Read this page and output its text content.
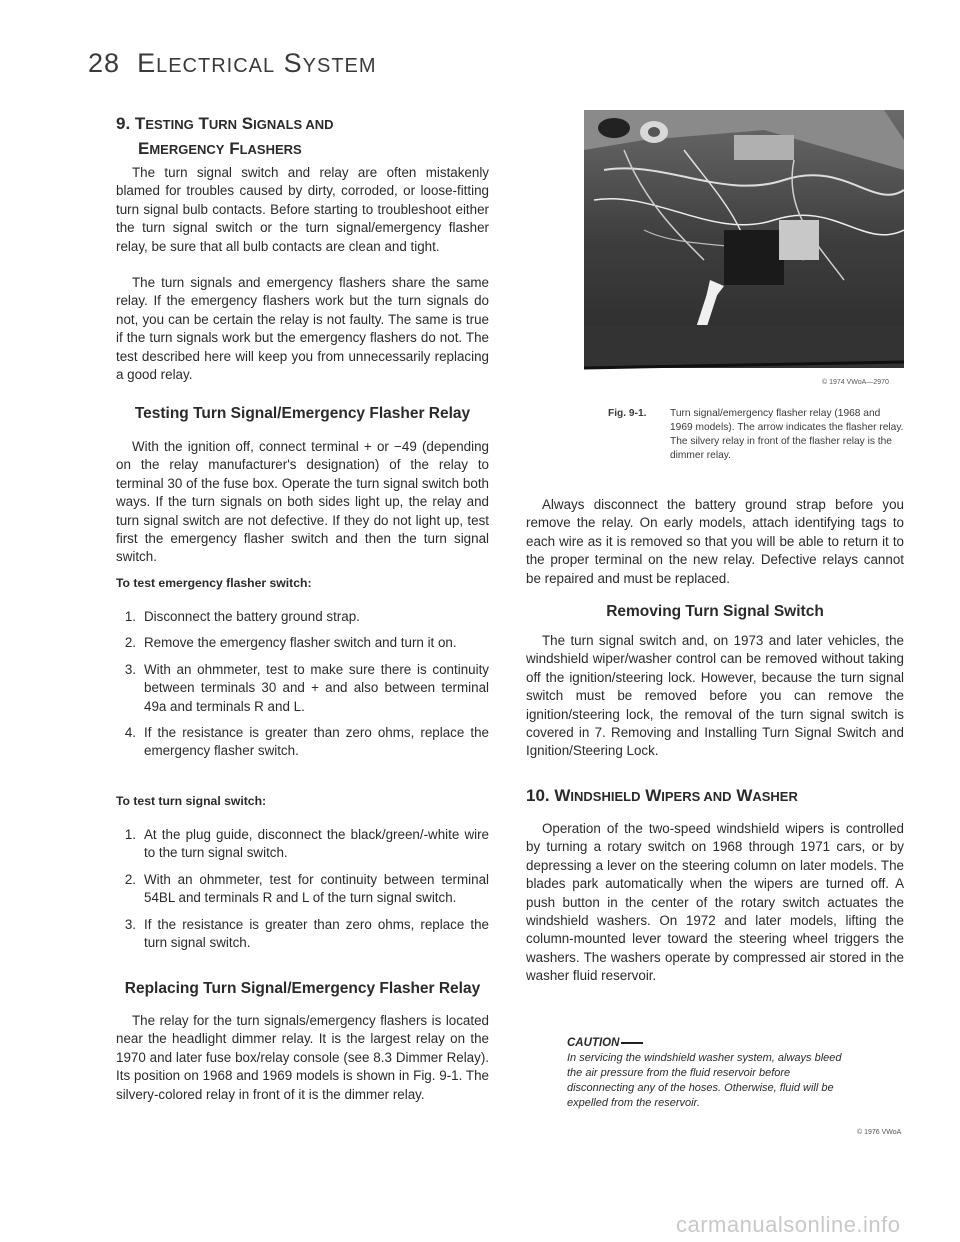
28 ELECTRICAL SYSTEM
9. TESTING TURN SIGNALS AND
EMERGENCY FLASHERS

The turn signal switch and relay are often mistakenly blamed for troubles caused by dirty, corroded, or loose-fitting turn signal bulb contacts. Before starting to troubleshoot either the turn signal switch or the turn signal/emergency flasher relay, be sure that all bulb contacts are clean and tight.

The turn signals and emergency flashers share the same relay. If the emergency flashers work but the turn signals do not, you can be certain the relay is not faulty. The same is true if the turn signals work but the emergency flashers do not. The test described here will keep you from unnecessarily replacing a good relay.

Testing Turn Signal/Emergency Flasher Relay

With the ignition off, connect terminal + or −49 (depending on the relay manufacturer's designation) of the relay to terminal 30 of the fuse box. Operate the turn signal switch both ways. If the turn signals on both sides light up, the relay and turn signal switch are not defective. If they do not light up, test first the emergency flasher switch and then the turn signal switch.

To test emergency flasher switch:
1. Disconnect the battery ground strap.
2. Remove the emergency flasher switch and turn it on.
3. With an ohmmeter, test to make sure there is continuity between terminals 30 and + and also between terminal 49a and terminals R and L.
4. If the resistance is greater than zero ohms, replace the emergency flasher switch.
To test turn signal switch:
1. At the plug guide, disconnect the black/green/-white wire to the turn signal switch.
2. With an ohmmeter, test for continuity between terminal 54BL and terminals R and L of the turn signal switch.
3. If the resistance is greater than zero ohms, replace the turn signal switch.
Replacing Turn Signal/Emergency Flasher Relay

The relay for the turn signals/emergency flashers is located near the headlight dimmer relay. It is the largest relay on the 1970 and later fuse box/relay console (see 8.3 Dimmer Relay). Its position on 1968 and 1969 models is shown in Fig. 9-1. The silvery-colored relay in front of it is the dimmer relay.

© 1974 VWoA—2970
Fig. 9-1.	Turn signal/emergency flasher relay (1968 and 1969 models). The arrow indicates the flasher relay. The silvery relay in front of the flasher relay is the dimmer relay.

Always disconnect the battery ground strap before you remove the relay. On early models, attach identifying tags to each wire as it is removed so that you will be able to return it to the proper terminal on the new relay. Defective relays cannot be repaired and must be replaced.

Removing Turn Signal Switch

The turn signal switch and, on 1973 and later vehicles, the windshield wiper/washer control can be removed without taking off the ignition/steering lock. However, because the turn signal switch must be removed before you can remove the ignition/steering lock, the removal of the turn signal switch is covered in 7. Removing and Installing Turn Signal Switch and Ignition/Steering Lock.

10. WINDSHIELD WIPERS AND WASHER

Operation of the two-speed windshield wipers is controlled by turning a rotary switch on 1968 through 1971 cars, or by depressing a lever on the steering column on later models. The blades park automatically when the wipers are turned off. A push button in the center of the rotary switch actuates the windshield washers. On 1972 and later models, lifting the column-mounted lever toward the steering wheel triggers the washers. The washers operate by compressed air stored in the washer fluid reservoir.

CAUTION
In servicing the windshield washer system, always bleed the air pressure from the fluid reservoir before disconnecting any of the hoses. Otherwise, fluid will be expelled from the reservoir.
© 1976 VWoA
carmanualsonline.info
